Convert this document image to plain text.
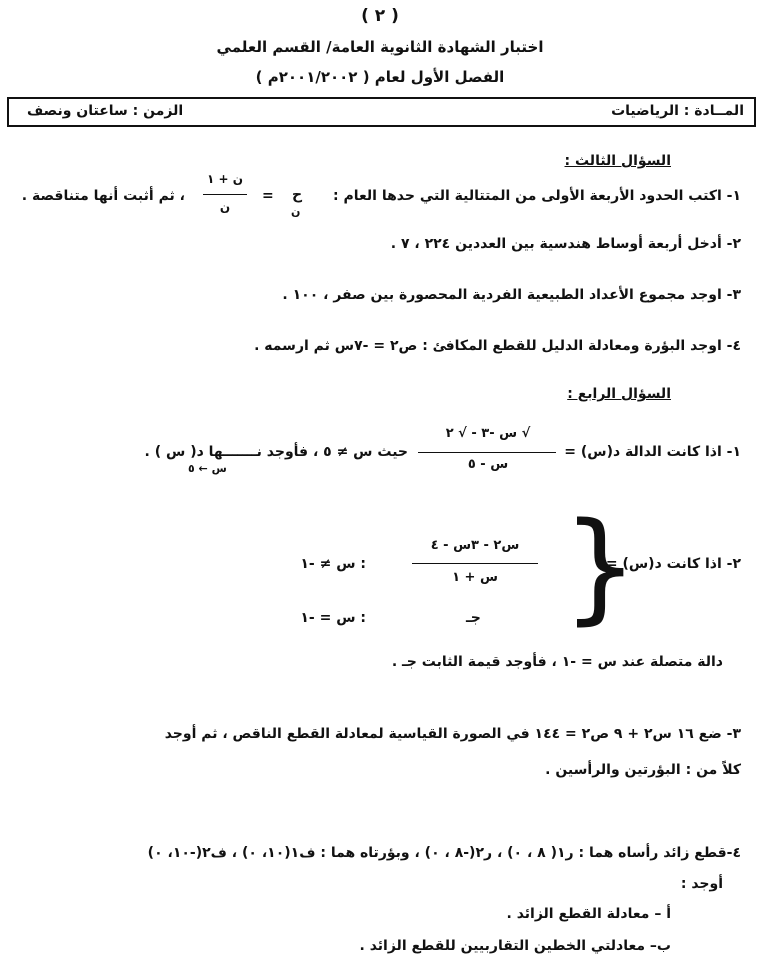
( ٢ )
اختبار الشهادة الثانوية العامة/ القسم العلمي
الفصل الأول لعام ( ٢٠٠١/٢٠٠٢م )
المــادة : الرياضيات
الزمن : ساعتان ونصف
السؤال الثالث :
١- اكتب الحدود الأربعة الأولى من المتتالية التي حدها العام :
ح
ن
=
ن + ١
ن
، ثم أثبت أنها متناقصة .
٢- أدخل أربعة أوساط هندسية بين العددين ٢٢٤ ، ٧ .
٣- اوجد مجموع الأعداد الطبيعية الفردية المحصورة بين صفر ، ١٠٠ .
٤- اوجد البؤرة ومعادلة الدليل للقطع المكافئ : ص٢ = -٧س ثم ارسمه .
السؤال الرابع :
١- اذا كانت الدالة د(س) =
√ س -٣ - √ ٢
س - ٥
حيث س ≠ ٥ ، فأوجد نـــــــها د( س ) .
س ← ٥
٢- اذا كانت د(س) =
}
س٢ - ٣س - ٤
س + ١
: س ≠ -١
جـ
: س = -١
دالة متصلة عند س = -١ ، فأوجد قيمة الثابت جـ .
٣- ضع ١٦ س٢ + ٩ ص٢ = ١٤٤ في الصورة القياسية لمعادلة القطع الناقص ، ثم أوجد
كلاً من : البؤرتين والرأسين .
٤-قطع زائد رأساه هما : ر١( ٨ ، ٠) ، ر٢(-٨ ، ٠) ، وبؤرتاه هما : ف١(١٠، ٠) ، ف٢(-١٠، ٠)
أوجد :
أ – معادلة القطع الزائد .
ب– معادلتي الخطين التقاربيين للقطع الزائد .
